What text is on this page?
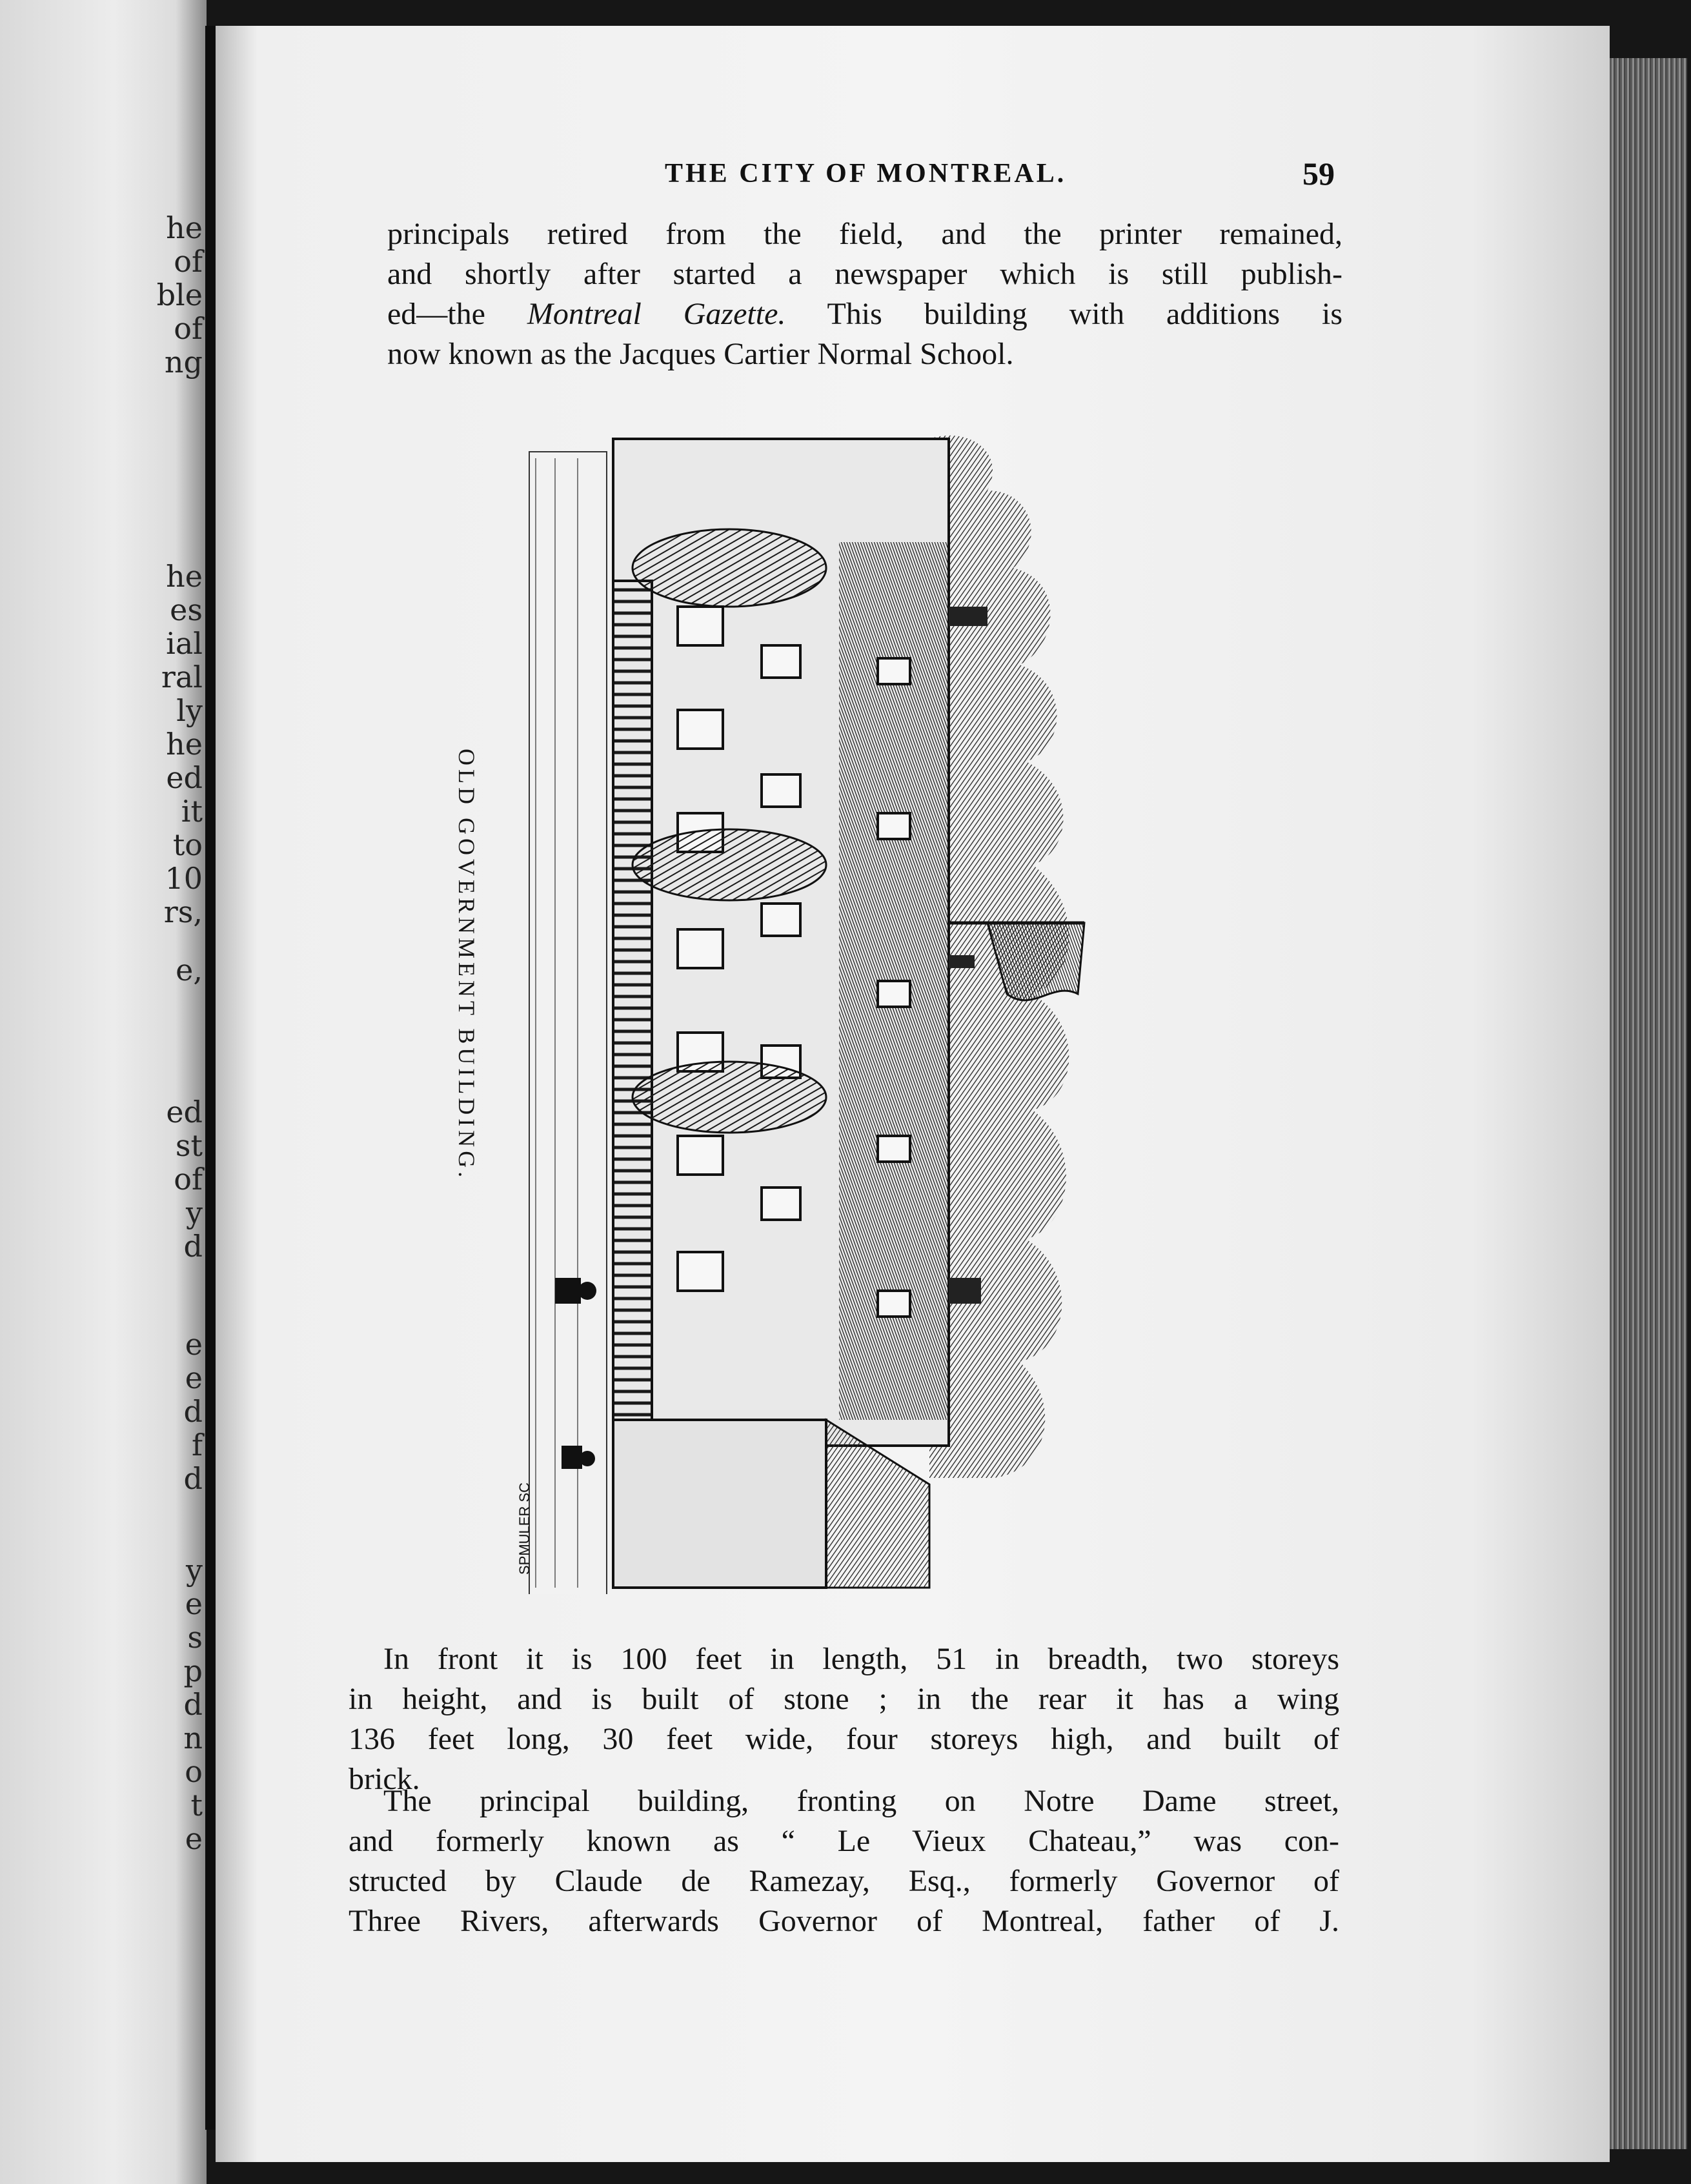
he
of
ble
of
ng
he
es
ial
ral
ly
he
ed
it
to
10
rs,
e,
ed
st
of
y
d
e
e
d
f
d
y
e
s
p
d
n
o
t
e
THE CITY OF MONTREAL.	59
principals retired from the field, and the printer remained,
and shortly after started a newspaper which is still publish-
ed—the Montreal Gazette. This building with additions is
now known as the Jacques Cartier Normal School.
OLD GOVERNMENT BUILDING.
SPMULER SC
In front it is 100 feet in length, 51 in breadth, two storeys
in height, and is built of stone ; in the rear it has a wing
136 feet long, 30 feet wide, four storeys high, and built of
brick.
The principal building, fronting on Notre Dame street,
and formerly known as “ Le Vieux Chateau,” was con-
structed by Claude de Ramezay, Esq., formerly Governor of
Three Rivers, afterwards Governor of Montreal, father of J.
